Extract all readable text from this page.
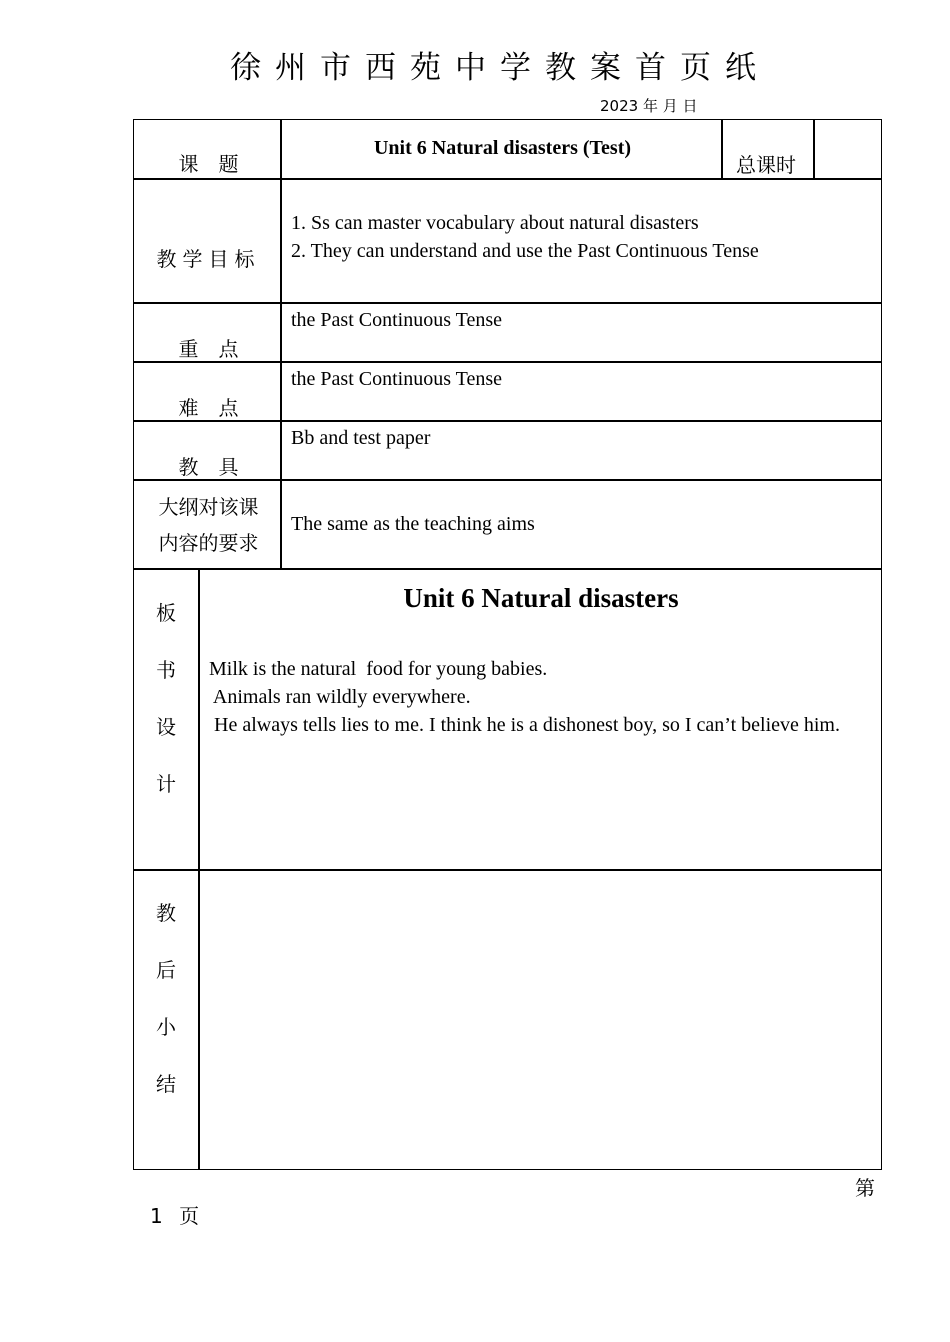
徐州市西苑中学教案首页纸
2023 年 月 日
课　题
Unit 6 Natural disasters (Test)
总课时
教学目标
1. Ss can master vocabulary about natural disasters
2. They can understand and use the Past Continuous Tense
重　点
the Past Continuous Tense
难　点
the Past Continuous Tense
教　具
Bb and test paper
大纲对该课
内容的要求
The same as the teaching aims
板
书
设
计
Unit 6 Natural disasters
Milk is the natural  food for young babies.
Animals ran wildly everywhere.
He always tells lies to me. I think he is a dishonest boy, so I can’t believe him.
教
后
小
结
第
1 页
